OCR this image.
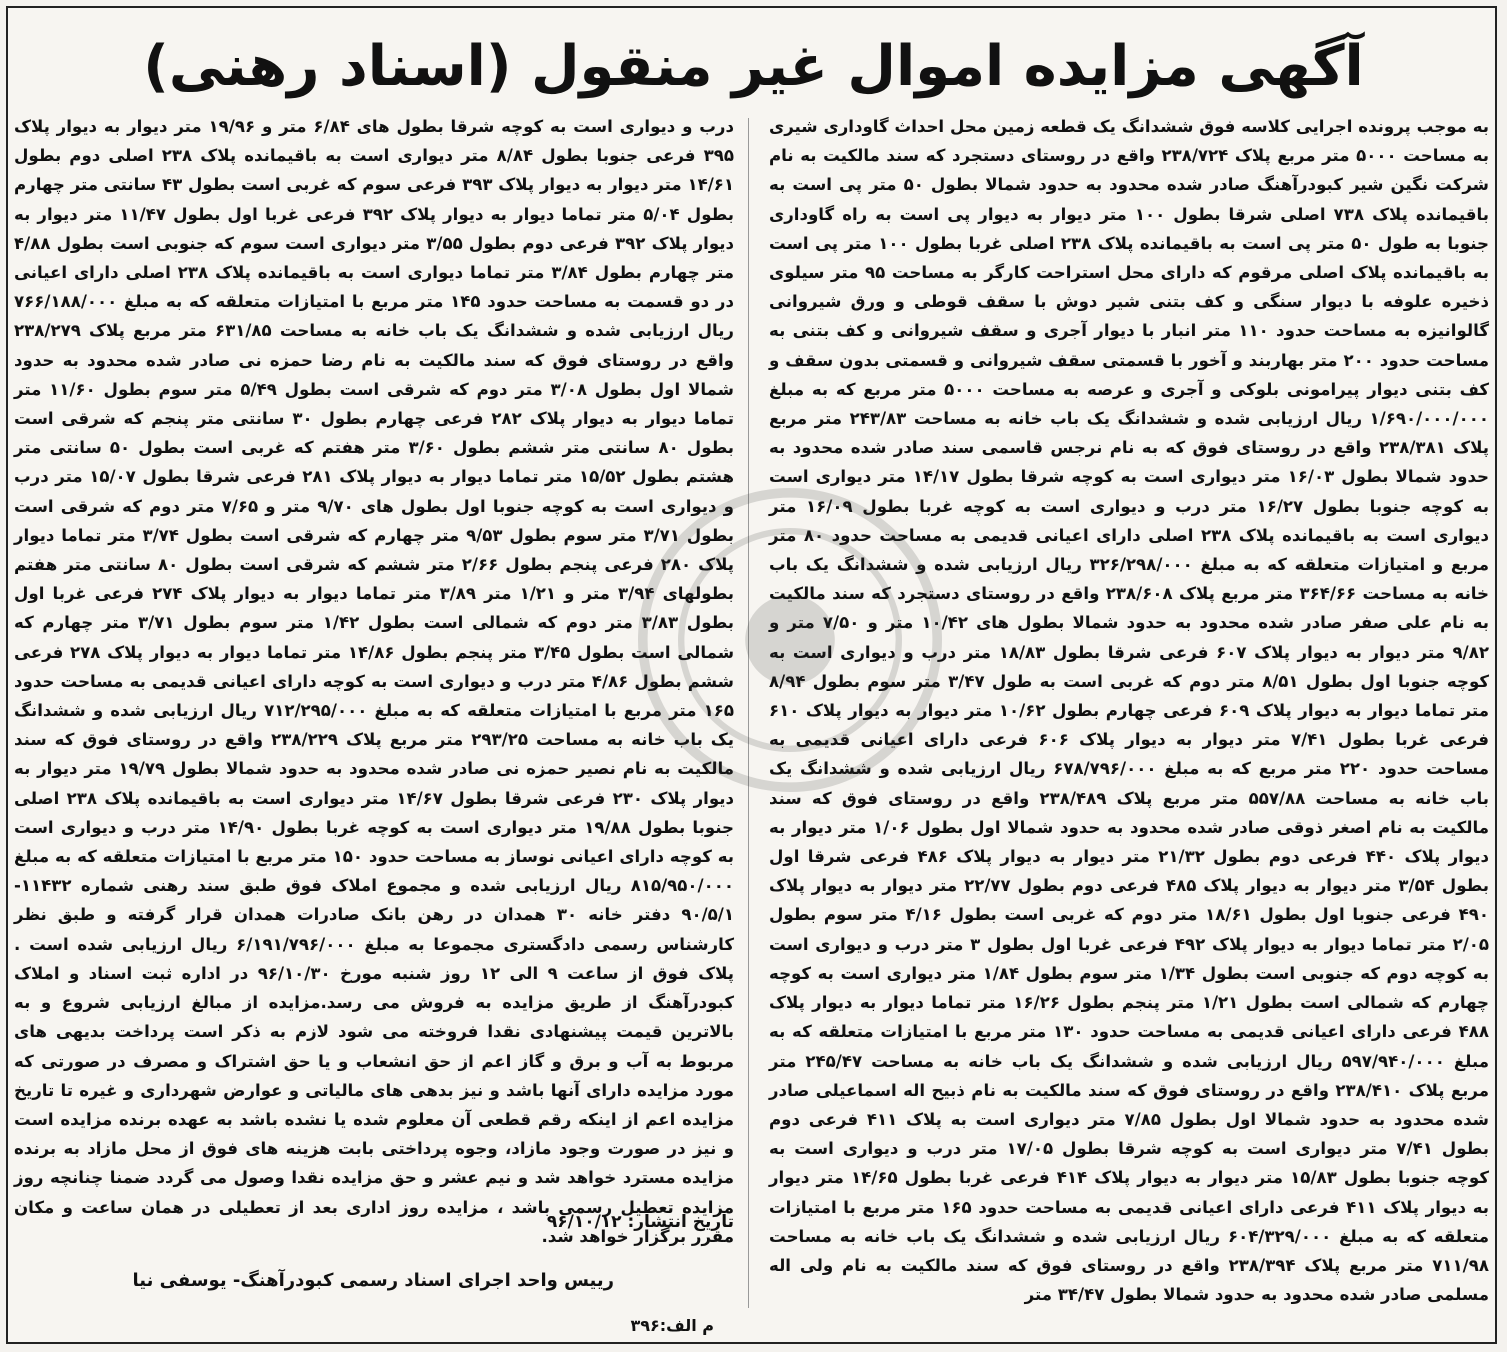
آگهی مزایده اموال غیر منقول (اسناد رهنی)
به موجب پرونده اجرایی کلاسه فوق ششدانگ یک قطعه زمین محل احداث گاوداری شیری به مساحت ۵۰۰۰ متر مربع پلاک ۲۳۸/۷۲۴ واقع در روستای دستجرد که سند مالکیت به نام شرکت نگین شیر کبودرآهنگ صادر شده محدود به حدود شمالا بطول ۵۰ متر پی است به باقیمانده پلاک ۷۳۸ اصلی شرقا بطول ۱۰۰ متر دیوار به دیوار پی است به راه گاوداری جنوبا به طول ۵۰ متر پی است به باقیمانده پلاک ۲۳۸ اصلی غربا بطول ۱۰۰ متر پی است به باقیمانده پلاک اصلی مرقوم که دارای محل استراحت کارگر به مساحت ۹۵ متر سیلوی ذخیره علوفه با دیوار سنگی و کف بتنی شیر دوش با سقف قوطی و ورق شیروانی گالوانیزه به مساحت حدود ۱۱۰ متر انبار با دیوار آجری و سقف شیروانی و کف بتنی به مساحت حدود ۲۰۰ متر بهاربند و آخور با قسمتی سقف شیروانی و قسمتی بدون سقف و کف بتنی دیوار پیرامونی بلوکی و آجری و عرصه به مساحت ۵۰۰۰ متر مربع که به مبلغ ۱/۶۹۰/۰۰۰/۰۰۰ ریال ارزیابی شده و ششدانگ یک باب خانه به مساحت ۲۴۳/۸۳ متر مربع پلاک ۲۳۸/۳۸۱ واقع در روستای فوق که به نام نرجس قاسمی سند صادر شده محدود به حدود شمالا بطول ۱۶/۰۳ متر دیواری است به کوچه شرقا بطول ۱۴/۱۷ متر دیواری است به کوچه جنوبا بطول ۱۶/۲۷ متر درب و دیواری است به کوچه غربا بطول ۱۶/۰۹ متر دیواری است به باقیمانده پلاک ۲۳۸ اصلی دارای اعیانی قدیمی به مساحت حدود ۸۰ متر مربع و امتیازات متعلقه که به مبلغ ۳۲۶/۲۹۸/۰۰۰ ریال ارزیابی شده و ششدانگ یک باب خانه به مساحت ۳۶۴/۶۶ متر مربع پلاک ۲۳۸/۶۰۸ واقع در روستای دستجرد که سند مالکیت به نام علی صفر صادر شده محدود به حدود شمالا بطول های ۱۰/۴۲ متر و ۷/۵۰ متر و ۹/۸۲ متر دیوار به دیوار پلاک ۶۰۷ فرعی شرقا بطول ۱۸/۸۳ متر درب و دیواری است به کوچه جنوبا اول بطول ۸/۵۱ متر دوم که غربی است به طول ۳/۴۷ متر سوم بطول ۸/۹۴ متر تماما دیوار به دیوار پلاک ۶۰۹ فرعی چهارم بطول ۱۰/۶۲ متر دیوار به دیوار پلاک ۶۱۰ فرعی غربا بطول ۷/۴۱ متر دیوار به دیوار پلاک ۶۰۶ فرعی دارای اعیانی قدیمی به مساحت حدود ۲۲۰ متر مربع که به مبلغ ۶۷۸/۷۹۶/۰۰۰ ریال ارزیابی شده و ششدانگ یک باب خانه به مساحت ۵۵۷/۸۸ متر مربع پلاک ۲۳۸/۴۸۹ واقع در روستای فوق که سند مالکیت به نام اصغر ذوقی صادر شده محدود به حدود شمالا اول بطول ۱/۰۶ متر دیوار به دیوار پلاک ۴۴۰ فرعی دوم بطول ۲۱/۳۲ متر دیوار به دیوار پلاک ۴۸۶ فرعی شرقا اول بطول ۳/۵۴ متر دیوار به دیوار پلاک ۴۸۵ فرعی دوم بطول ۲۲/۷۷ متر دیوار به دیوار پلاک ۴۹۰ فرعی جنوبا اول بطول ۱۸/۶۱ متر دوم که غربی است بطول ۴/۱۶ متر سوم بطول ۲/۰۵ متر تماما دیوار به دیوار پلاک ۴۹۲ فرعی غربا اول بطول ۳ متر درب و دیواری است به کوچه دوم که جنوبی است بطول ۱/۳۴ متر سوم بطول ۱/۸۴ متر دیواری است به کوچه چهارم که شمالی است بطول ۱/۲۱ متر پنجم بطول ۱۶/۲۶ متر تماما دیوار به دیوار پلاک ۴۸۸ فرعی دارای اعیانی قدیمی به مساحت حدود ۱۳۰ متر مربع با امتیازات متعلقه که به مبلغ ۵۹۷/۹۴۰/۰۰۰ ریال ارزیابی شده و ششدانگ یک باب خانه به مساحت ۲۴۵/۴۷ متر مربع پلاک ۲۳۸/۴۱۰ واقع در روستای فوق که سند مالکیت به نام ذبیح اله اسماعیلی صادر شده محدود به حدود شمالا اول بطول ۷/۸۵ متر دیواری است به پلاک ۴۱۱ فرعی دوم بطول ۷/۴۱ متر دیواری است به کوچه شرقا بطول ۱۷/۰۵ متر درب و دیواری است به کوچه جنوبا بطول ۱۵/۸۳ متر دیوار به دیوار پلاک ۴۱۴ فرعی غربا بطول ۱۴/۶۵ متر دیوار به دیوار پلاک ۴۱۱ فرعی دارای اعیانی قدیمی به مساحت حدود ۱۶۵ متر مربع با امتیازات متعلقه که به مبلغ ۶۰۴/۳۲۹/۰۰۰ ریال ارزیابی شده و ششدانگ یک باب خانه به مساحت ۷۱۱/۹۸ متر مربع پلاک ۲۳۸/۳۹۴ واقع در روستای فوق که سند مالکیت به نام ولی اله مسلمی صادر شده محدود به حدود شمالا بطول ۳۴/۴۷ متر
درب و دیواری است به کوچه شرقا بطول های ۶/۸۴ متر و ۱۹/۹۶ متر دیوار به دیوار پلاک ۳۹۵ فرعی جنوبا بطول ۸/۸۴ متر دیواری است به باقیمانده پلاک ۲۳۸ اصلی دوم بطول ۱۴/۶۱ متر دیوار به دیوار پلاک ۳۹۳ فرعی سوم که غربی است بطول ۴۳ سانتی متر چهارم بطول ۵/۰۴ متر تماما دیوار به دیوار پلاک ۳۹۲ فرعی غربا اول بطول ۱۱/۴۷ متر دیوار به دیوار پلاک ۳۹۲ فرعی دوم بطول ۳/۵۵ متر دیواری است سوم که جنوبی است بطول ۴/۸۸ متر چهارم بطول ۳/۸۴ متر تماما دیواری است به باقیمانده پلاک ۲۳۸ اصلی دارای اعیانی در دو قسمت به مساحت حدود ۱۴۵ متر مربع با امتیازات متعلقه که به مبلغ ۷۶۶/۱۸۸/۰۰۰ ریال ارزیابی شده و ششدانگ یک باب خانه به مساحت ۶۳۱/۸۵ متر مربع پلاک ۲۳۸/۲۷۹ واقع در روستای فوق که سند مالکیت به نام رضا حمزه نی صادر شده محدود به حدود شمالا اول بطول ۳/۰۸ متر دوم که شرقی است بطول ۵/۴۹ متر سوم بطول ۱۱/۶۰ متر تماما دیوار به دیوار پلاک ۲۸۲ فرعی چهارم بطول ۳۰ سانتی متر پنجم که شرقی است بطول ۸۰ سانتی متر ششم بطول ۳/۶۰ متر هفتم که غربی است بطول ۵۰ سانتی متر هشتم بطول ۱۵/۵۲ متر تماما دیوار به دیوار پلاک ۲۸۱ فرعی شرقا بطول ۱۵/۰۷ متر درب و دیواری است به کوچه جنوبا اول بطول های ۹/۷۰ متر و ۷/۶۵ متر دوم که شرقی است بطول ۳/۷۱ متر سوم بطول ۹/۵۳ متر چهارم که شرقی است بطول ۳/۷۴ متر تماما دیوار پلاک ۲۸۰ فرعی پنجم بطول ۲/۶۶ متر ششم که شرقی است بطول ۸۰ سانتی متر هفتم بطولهای ۳/۹۴ متر و ۱/۲۱ متر ۳/۸۹ متر تماما دیوار به دیوار پلاک ۲۷۴ فرعی غربا اول بطول ۳/۸۳ متر دوم که شمالی است بطول ۱/۴۲ متر سوم بطول ۳/۷۱ متر چهارم که شمالی است بطول ۳/۴۵ متر پنجم بطول ۱۴/۸۶ متر تماما دیوار به دیوار پلاک ۲۷۸ فرعی ششم بطول ۴/۸۶ متر درب و دیواری است به کوچه دارای اعیانی قدیمی به مساحت حدود ۱۶۵ متر مربع با امتیازات متعلقه که به مبلغ ۷۱۲/۲۹۵/۰۰۰ ریال ارزیابی شده و ششدانگ یک باب خانه به مساحت ۲۹۳/۲۵ متر مربع پلاک ۲۳۸/۲۲۹ واقع در روستای فوق که سند مالکیت به نام نصیر حمزه نی صادر شده محدود به حدود شمالا بطول ۱۹/۷۹ متر دیوار به دیوار پلاک ۲۳۰ فرعی شرقا بطول ۱۴/۶۷ متر دیواری است به باقیمانده پلاک ۲۳۸ اصلی جنوبا بطول ۱۹/۸۸ متر دیواری است به کوچه غربا بطول ۱۴/۹۰ متر درب و دیواری است به کوچه دارای اعیانی نوساز به مساحت حدود ۱۵۰ متر مربع با امتیازات متعلقه که به مبلغ ۸۱۵/۹۵۰/۰۰۰ ریال ارزیابی شده و مجموع املاک فوق طبق سند رهنی شماره ۱۱۴۳۲- ۹۰/۵/۱ دفتر خانه ۳۰ همدان در رهن بانک صادرات همدان قرار گرفته و طبق نظر کارشناس رسمی دادگستری مجموعا به مبلغ ۶/۱۹۱/۷۹۶/۰۰۰ ریال ارزیابی شده است . پلاک فوق از ساعت ۹ الی ۱۲ روز شنبه مورخ ۹۶/۱۰/۳۰ در اداره ثبت اسناد و املاک کبودرآهنگ از طریق مزایده به فروش می رسد.مزایده از مبالغ ارزیابی شروع و به بالاترین قیمت پیشنهادی نقدا فروخته می شود لازم به ذکر است پرداخت بدیهی های مربوط به آب و برق و گاز اعم از حق انشعاب و یا حق اشتراک و مصرف در صورتی که مورد مزایده دارای آنها باشد و نیز بدهی های مالیاتی و عوارض شهرداری و غیره تا تاریخ مزایده اعم از اینکه رقم قطعی آن معلوم شده یا نشده باشد به عهده برنده مزایده است و نیز در صورت وجود مازاد، وجوه پرداختی بابت هزینه های فوق از محل مازاد به برنده مزایده مسترد خواهد شد و نیم عشر و حق مزایده نقدا وصول می گردد ضمنا چنانچه روز مزایده تعطیل رسمی باشد ، مزایده روز اداری بعد از تعطیلی در همان ساعت و مکان مقرر برگزار خواهد شد.
تاریخ انتشار: ۹۶/۱۰/۱۲
رییس واحد اجرای اسناد رسمی کبودرآهنگ- یوسفی نیا
م الف:۳۹۶
